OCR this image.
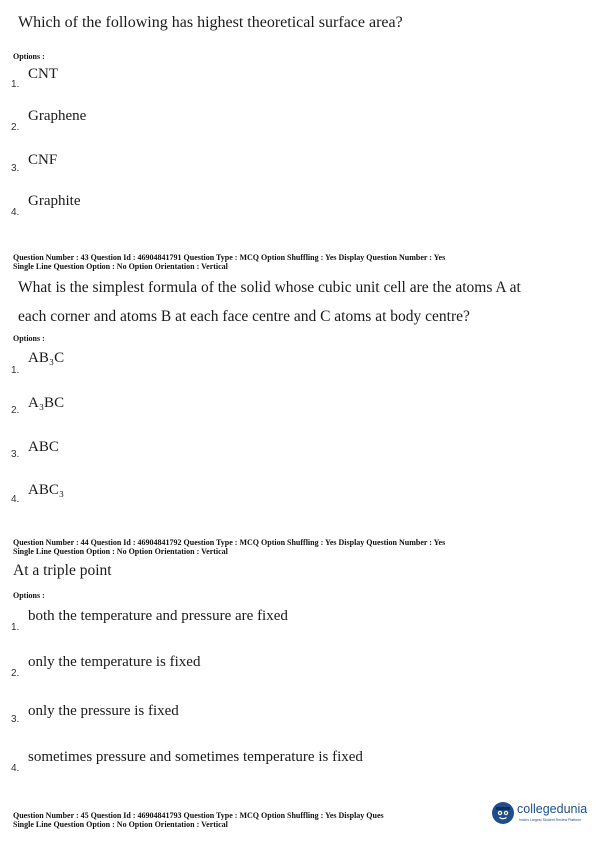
Which of the following has highest theoretical surface area?
Options :
1.
CNT
2.
Graphene
3.
CNF
4.
Graphite
Question Number : 43 Question Id : 46904841791 Question Type : MCQ Option Shuffling : Yes Display Question Number : Yes
Single Line Question Option : No Option Orientation : Vertical
What is the simplest formula of the solid whose cubic unit cell are the atoms A at
each corner and atoms B at each face centre and C atoms at body centre?
Options :
1.
AB₃C
2. A₃BC
3. ABC
4.
ABC₃
Question Number : 44 Question Id : 46904841792 Question Type : MCQ Option Shuffling : Yes Display Question Number : Yes
Single Line Question Option : No Option Orientation : Vertical
At a triple point
Options :
1.
both the temperature and pressure are fixed
2.
only the temperature is fixed
3.
only the pressure is fixed
4.
sometimes pressure and sometimes temperature is fixed
Question Number : 45 Question Id : 46904841793 Question Type : MCQ Option Shuffling : Yes Display Ques
Single Line Question Option : No Option Orientation : Vertical
collegedunia
India's Largest Student Review Platform
